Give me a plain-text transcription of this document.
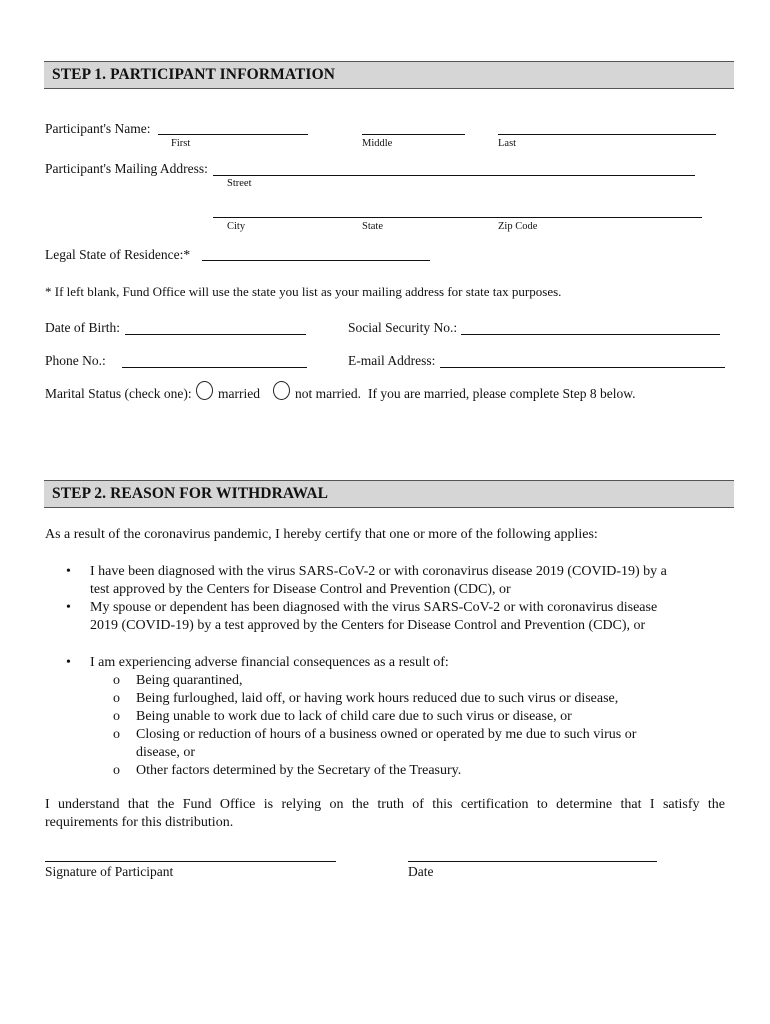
STEP 1. PARTICIPANT INFORMATION
Participant's Name:
First	Middle	Last
Participant's Mailing Address:
Street
City	State	Zip Code
Legal State of Residence:*
* If left blank, Fund Office will use the state you list as your mailing address for state tax purposes.
Date of Birth:	Social Security No.:
Phone No.:	E-mail Address:
Marital Status (check one): married	not married. If you are married, please complete Step 8 below.
STEP 2. REASON FOR WITHDRAWAL
As a result of the coronavirus pandemic, I hereby certify that one or more of the following applies:
• I have been diagnosed with the virus SARS-CoV-2 or with coronavirus disease 2019 (COVID-19) by a
test approved by the Centers for Disease Control and Prevention (CDC), or
• My spouse or dependent has been diagnosed with the virus SARS-CoV-2 or with coronavirus disease
2019 (COVID-19) by a test approved by the Centers for Disease Control and Prevention (CDC), or
• I am experiencing adverse financial consequences as a result of:
o Being quarantined,
o Being furloughed, laid off, or having work hours reduced due to such virus or disease,
o Being unable to work due to lack of child care due to such virus or disease, or
o Closing or reduction of hours of a business owned or operated by me due to such virus or
disease, or
o Other factors determined by the Secretary of the Treasury.
I understand that the Fund Office is relying on the truth of this certification to determine that I satisfy the
requirements for this distribution.
Signature of Participant	Date
